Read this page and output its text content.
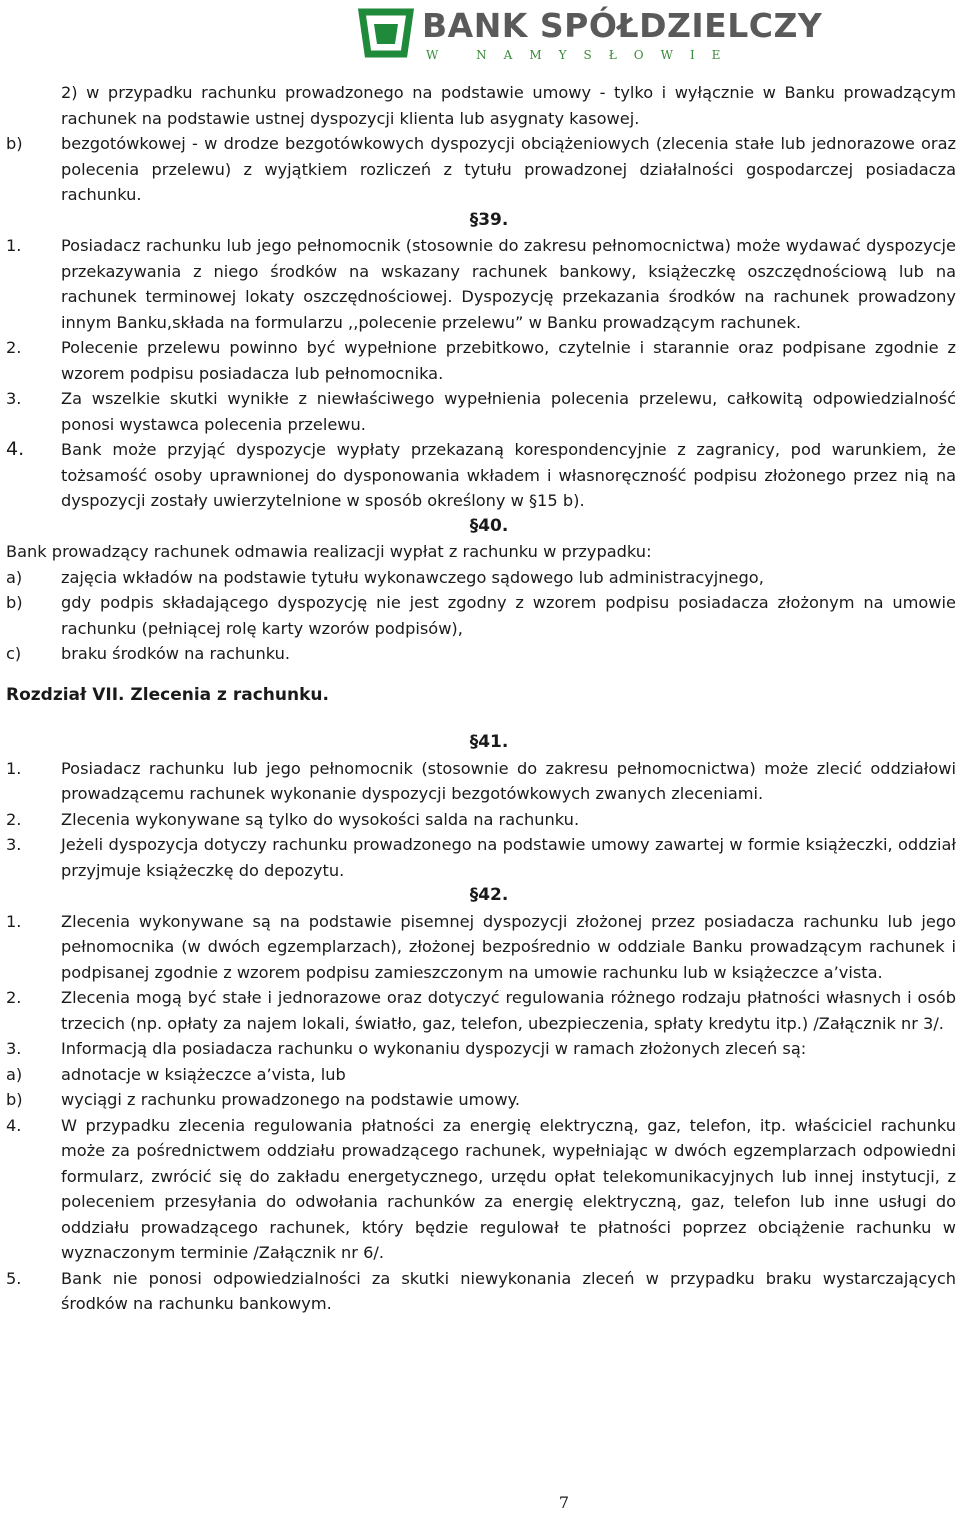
BANK SPÓŁDZIELCZY
W NAMYSŁOWIE
2) w przypadku rachunku prowadzonego na podstawie umowy - tylko i wyłącznie w Banku prowadzącym rachunek na podstawie ustnej dyspozycji klienta lub asygnaty kasowej.
b)	bezgotówkowej - w drodze bezgotówkowych dyspozycji obciążeniowych (zlecenia stałe lub jednorazowe oraz polecenia przelewu) z wyjątkiem rozliczeń z tytułu prowadzonej działalności gospodarczej posiadacza rachunku.
§39.
1.	Posiadacz rachunku lub jego pełnomocnik (stosownie do zakresu pełnomocnictwa) może wydawać dyspozycje przekazywania z niego środków na wskazany rachunek bankowy, książeczkę oszczędnościową lub na rachunek terminowej lokaty oszczędnościowej. Dyspozycję przekazania środków na rachunek prowadzony innym Banku,składa na formularzu ,,polecenie przelewu” w Banku prowadzącym rachunek.
2.	Polecenie przelewu powinno być wypełnione przebitkowo, czytelnie i starannie oraz podpisane zgodnie z wzorem podpisu posiadacza lub pełnomocnika.
3.	Za wszelkie skutki wynikłe z niewłaściwego wypełnienia polecenia przelewu, całkowitą odpowiedzialność ponosi wystawca polecenia przelewu.
4.	Bank może przyjąć dyspozycje wypłaty przekazaną korespondencyjnie z zagranicy, pod warunkiem, że tożsamość osoby uprawnionej do dysponowania wkładem i własnoręczność podpisu złożonego przez nią na dyspozycji zostały uwierzytelnione w sposób określony w §15 b).
§40.
Bank prowadzący rachunek odmawia realizacji wypłat z rachunku w przypadku:
a)	zajęcia wkładów na podstawie tytułu wykonawczego sądowego lub administracyjnego,
b)	gdy podpis składającego dyspozycję nie jest zgodny z wzorem podpisu posiadacza złożonym na umowie rachunku (pełniącej rolę karty wzorów podpisów),
c)	braku środków na rachunku.
Rozdział VII. Zlecenia z rachunku.
§41.
1.	Posiadacz rachunku lub jego pełnomocnik (stosownie do zakresu pełnomocnictwa) może zlecić oddziałowi prowadzącemu rachunek wykonanie dyspozycji bezgotówkowych zwanych zleceniami.
2.	Zlecenia wykonywane są tylko do wysokości salda na rachunku.
3.	Jeżeli dyspozycja dotyczy rachunku prowadzonego na podstawie umowy zawartej w formie książeczki, oddział przyjmuje książeczkę do depozytu.
§42.
1.	Zlecenia wykonywane są na podstawie pisemnej dyspozycji złożonej przez posiadacza rachunku lub jego pełnomocnika (w dwóch egzemplarzach), złożonej bezpośrednio w oddziale Banku prowadzącym rachunek i podpisanej zgodnie z wzorem podpisu zamieszczonym na umowie rachunku lub w książeczce a’vista.
2.	Zlecenia mogą być stałe i jednorazowe oraz dotyczyć regulowania różnego rodzaju płatności własnych i osób trzecich (np. opłaty za najem lokali, światło, gaz, telefon, ubezpieczenia, spłaty kredytu itp.) /Załącznik nr 3/.
3.	Informacją dla posiadacza rachunku o wykonaniu dyspozycji w ramach złożonych zleceń są:
a)	adnotacje w książeczce a’vista, lub
b)	wyciągi z rachunku prowadzonego na podstawie umowy.
4.	W przypadku zlecenia regulowania płatności za energię elektryczną, gaz, telefon, itp. właściciel rachunku może za pośrednictwem oddziału prowadzącego rachunek, wypełniając w dwóch egzemplarzach odpowiedni formularz, zwrócić się do zakładu energetycznego, urzędu opłat telekomunikacyjnych lub innej instytucji, z poleceniem przesyłania do odwołania rachunków za energię elektryczną, gaz, telefon lub inne usługi do oddziału prowadzącego rachunek, który będzie regulował te płatności poprzez obciążenie rachunku w wyznaczonym terminie /Załącznik nr 6/.
5.	Bank nie ponosi odpowiedzialności za skutki niewykonania zleceń w przypadku braku wystarczających środków na rachunku bankowym.
7
